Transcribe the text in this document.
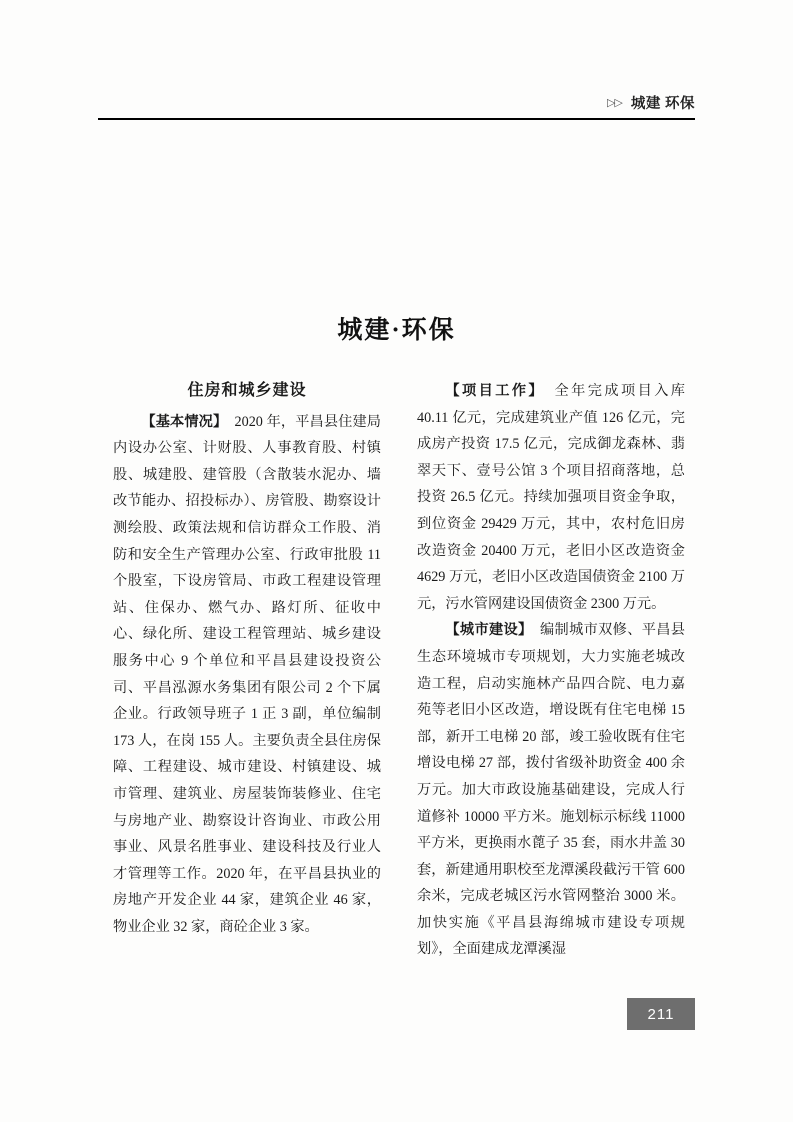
▷▷ 城建 环保
城建·环保
住房和城乡建设

【基本情况】　2020 年，平昌县住建局内设办公室、计财股、人事教育股、村镇股、城建股、建管股（含散装水泥办、墙改节能办、招投标办）、房管股、勘察设计测绘股、政策法规和信访群众工作股、消防和安全生产管理办公室、行政审批股 11 个股室，下设房管局、市政工程建设管理站、住保办、燃气办、路灯所、征收中心、绿化所、建设工程管理站、城乡建设服务中心 9 个单位和平昌县建设投资公司、平昌泓源水务集团有限公司 2 个下属企业。行政领导班子 1 正 3 副，单位编制 173 人，在岗 155 人。主要负责全县住房保障、工程建设、城市建设、村镇建设、城市管理、建筑业、房屋装饰装修业、住宅与房地产业、勘察设计咨询业、市政公用事业、风景名胜事业、建设科技及行业人才管理等工作。2020 年，在平昌县执业的房地产开发企业 44 家，建筑企业 46 家，物业企业 32 家，商砼企业 3 家。

【项目工作】　全年完成项目入库 40.11 亿元，完成建筑业产值 126 亿元，完成房产投资 17.5 亿元，完成御龙森林、翡翠天下、壹号公馆 3 个项目招商落地，总投资 26.5 亿元。持续加强项目资金争取，到位资金 29429 万元，其中，农村危旧房改造资金 20400 万元，老旧小区改造资金 4629 万元，老旧小区改造国债资金 2100 万元，污水管网建设国债资金 2300 万元。

【城市建设】　编制城市双修、平昌县生态环境城市专项规划，大力实施老城改造工程，启动实施林产品四合院、电力嘉苑等老旧小区改造，增设既有住宅电梯 15 部，新开工电梯 20 部，竣工验收既有住宅增设电梯 27 部，拨付省级补助资金 400 余万元。加大市政设施基础建设，完成人行道修补 10000 平方米。施划标示标线 11000 平方米，更换雨水蓖子 35 套，雨水井盖 30 套，新建通用职校至龙潭溪段截污干管 600 余米，完成老城区污水管网整治 3000 米。加快实施《平昌县海绵城市建设专项规划》，全面建成龙潭溪湿

211
